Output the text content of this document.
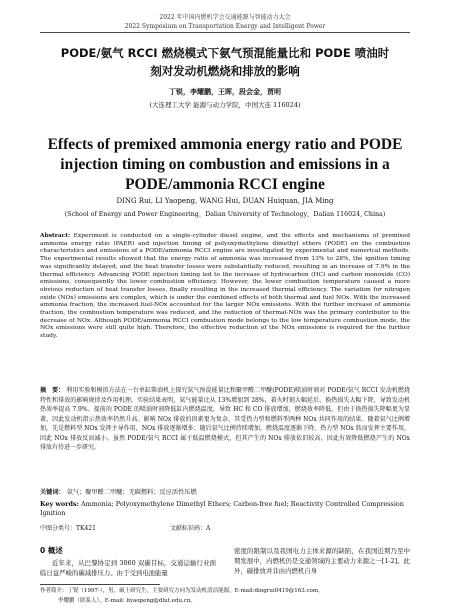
2022 年中国内燃机学会交通能源与智能动力大会
2022 Symposium on Transportation Energy and Intelligent Power
PODE/氨气 RCCI 燃烧模式下氨气预混能量比和 PODE 喷油时
刻对发动机燃烧和排放的影响
丁锐，李耀鹏，王晖，段会金，贾明
(大连理工大学 能源与动力学院，中国大连 116024)
Effects of premixed ammonia energy ratio and PODE
injection timing on combustion and emissions in a
PODE/ammonia RCCI engine
DING Rui, LI Yaopeng, WANG Hui, DUAN Huiquan, JIA Ming
(School of Energy and Power Engineering，Dalian University of Technology，Dalian 116024, China)
Abstract: Experiment is conducted on a single-cylinder diesel engine, and the effects and mechanisms of premixed ammonia energy ratio (PAER) and injection timing of polyoxymethylene dimethyl ethers (PODE) on the combustion characteristics and emissions of a PODE/ammonia RCCI engine are investigated by experimental and numerical methods. The experimental results showed that the energy ratio of ammonia was increased from 13% to 28%, the ignition timing was significantly delayed, and the heat transfer losses were substantially reduced, resulting in an increase of 7.9% in the thermal efficiency. Advancing PODE injection timing led to the increase of hydrocarbon (HC) and carbon monoxide (CO) emissions, consequently the lower combustion efficiency. However, the lower combustion temperature caused a more obvious reduction of heat transfer losses, finally resulting in the increased thermal efficiency. The variation for nitrogen oxide (NOx) emissions are complex, which is under the combined effects of both thermal and fuel NOx. With the increased ammonia fraction, the increased fuel-NOx accounted for the larger NOx emissions. With the further increase of ammonia fraction, the combustion temperature was reduced, and the reduction of thermal-NOx was the primary contributor to the decrease of NOx. Although PODE/ammonia RCCI combustion mode belongs to the low temperature combustion mode, the NOx emissions were still quite high. Therefore, the effective reduction of the NOx emissions is required for the further study.
摘　要： 利用实验和模拟方法在一台单缸柴油机上探究氨气预混能量比和聚甲醛二甲醚(PODE)喷油时刻对 PODE/氨气 RCCI 发动机燃烧特性和排放的影响规律及作用机理。实验结果表明，氨气能量比从 13%增加到 28%，着火时刻大幅延后，换热损失大幅下降，导致发动机热效率提高 7.9%。提前的 PODE 的喷油时刻降低缸内燃烧温度，导致 HC 和 CO 排放增加，燃烧效率降低，但由于换热损失降幅更为显著，因此发动机指示热效率仍然升高。影响 NOx 排放的因素更为复杂，其受热力型和燃料型两种 NOx 共同作用的结果。随着氨气比例增加，先是燃料型 NOx 发挥主导作用，NOx 排放逐渐增多；随后氨气比例持续增加，燃烧温度逐渐下降，热力型 NOx 转而发挥主要作用，因此 NOx 排放反而减小。虽然 PODE/氨气 RCCI 属于低温燃烧模式，但其产生的 NOx 排放依旧较高，因此有效降低燃烧产生的 NOx 排放有待进一步研究。
关键词： 氨气；聚甲醛二甲醚；无碳燃料；反应活性压燃
Key words: Ammonia; Polyoxymethylene Dimethyl Ethers; Carbon-free fuel; Reactivity Controlled Compression Ignition
中图分类号：TK421	文献标识码：A
0 概述
近年来，从巴黎协定到 3060 双碳目标，交通运输行业面临日益严峻的碳减排压力。由于受到电池能量
密度的限制以及我国电力主体来源的缺陷，在我国近期乃至中期发展中，内燃机仍是交通领域的主要动力来源之一[1-2]。此外，碳排放并非由内燃机自身
作者简介：丁锐（1997-），男，硕士研究生，主要研究方向为发动机清洁能源，E-mail:dingrui0419@163.com。
李耀鹏（联系人），E-mail: liyaopeng@dlut.edu.cn。
